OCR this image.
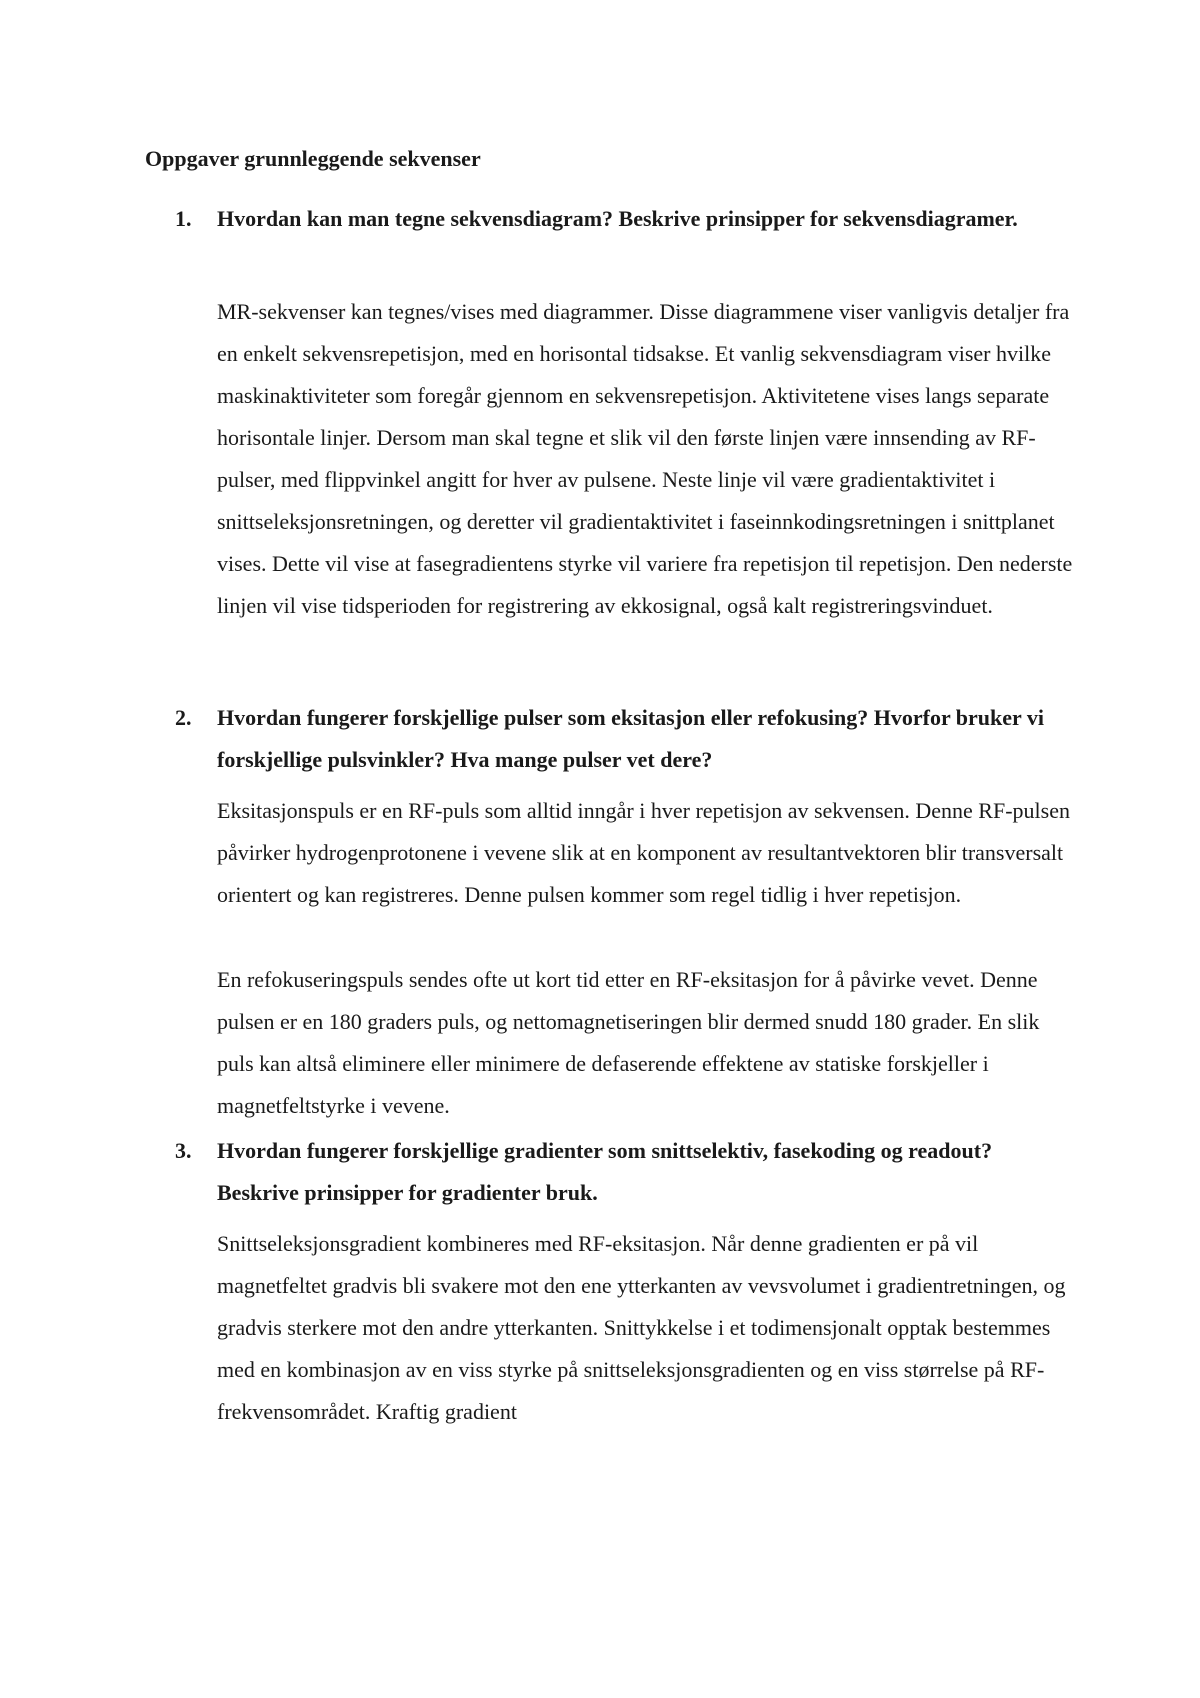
Oppgaver grunnleggende sekvenser
1. Hvordan kan man tegne sekvensdiagram? Beskrive prinsipper for sekvensdiagramer.

MR-sekvenser kan tegnes/vises med diagrammer. Disse diagrammene viser vanligvis detaljer fra en enkelt sekvensrepetisjon, med en horisontal tidsakse. Et vanlig sekvensdiagram viser hvilke maskinaktiviteter som foregår gjennom en sekvensrepetisjon. Aktivitetene vises langs separate horisontale linjer. Dersom man skal tegne et slik vil den første linjen være innsending av RF-pulser, med flippvinkel angitt for hver av pulsene. Neste linje vil være gradientaktivitet i snittseleksjonsretningen, og deretter vil gradientaktivitet i faseinnkodingsretningen i snittplanet vises. Dette vil vise at fasegradientens styrke vil variere fra repetisjon til repetisjon. Den nederste linjen vil vise tidsperioden for registrering av ekkosignal, også kalt registreringsvinduet.

2. Hvordan fungerer forskjellige pulser som eksitasjon eller refokusing? Hvorfor bruker vi forskjellige pulsvinkler? Hva mange pulser vet dere?

Eksitasjonspuls er en RF-puls som alltid inngår i hver repetisjon av sekvensen. Denne RF-pulsen påvirker hydrogenprotonene i vevene slik at en komponent av resultantvektoren blir transversalt orientert og kan registreres. Denne pulsen kommer som regel tidlig i hver repetisjon.

En refokuseringspuls sendes ofte ut kort tid etter en RF-eksitasjon for å påvirke vevet. Denne pulsen er en 180 graders puls, og nettomagnetiseringen blir dermed snudd 180 grader. En slik puls kan altså eliminere eller minimere de defaserende effektene av statiske forskjeller i magnetfeltstyrke i vevene.

3. Hvordan fungerer forskjellige gradienter som snittselektiv, fasekoding og readout? Beskrive prinsipper for gradienter bruk.

Snittseleksjonsgradient kombineres med RF-eksitasjon. Når denne gradienten er på vil magnetfeltet gradvis bli svakere mot den ene ytterkanten av vevsvolumet i gradientretningen, og gradvis sterkere mot den andre ytterkanten. Snittykkelse i et todimensjonalt opptak bestemmes med en kombinasjon av en viss styrke på snittseleksjonsgradienten og en viss størrelse på RF-frekvensområdet. Kraftig gradient
